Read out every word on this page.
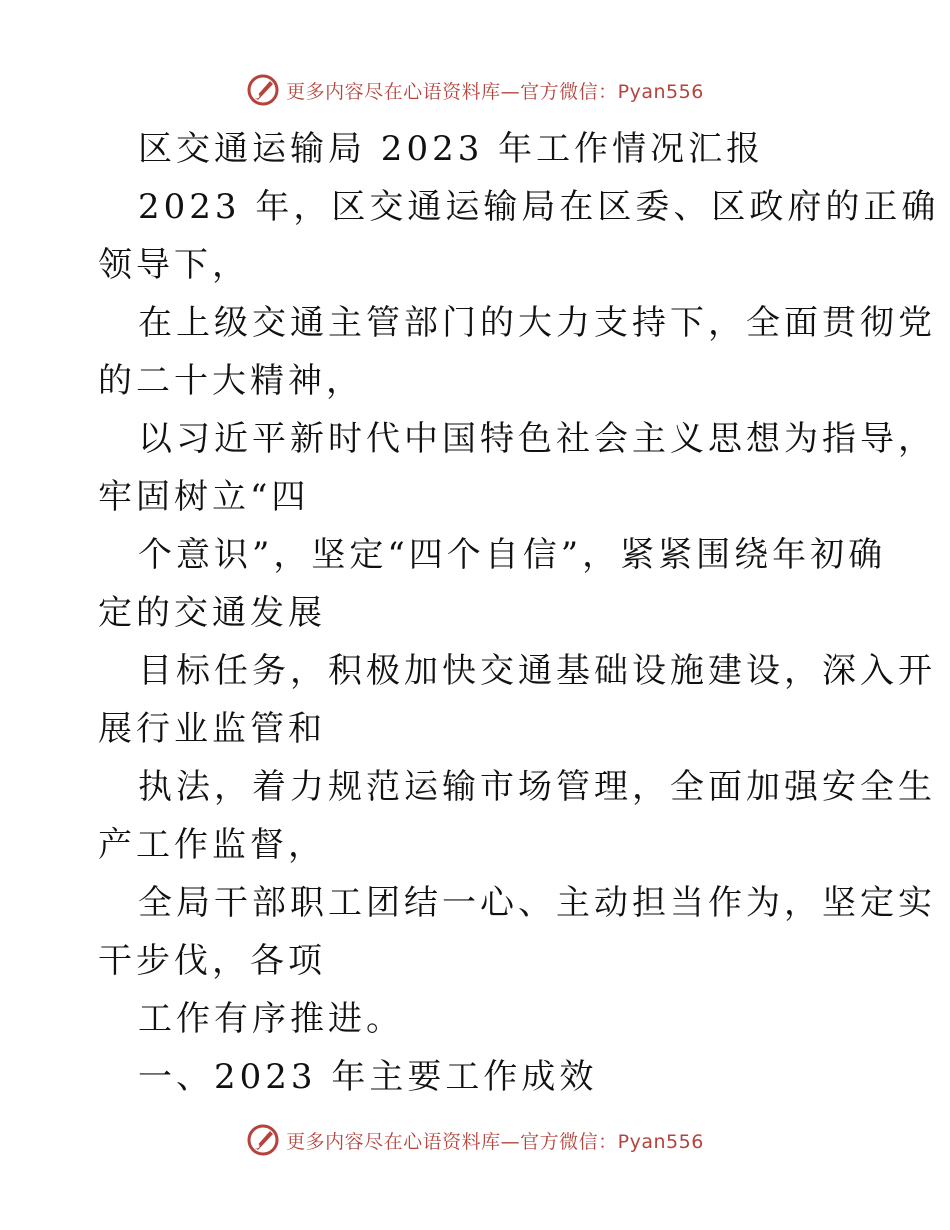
更多内容尽在心语资料库—官方微信：Pyan556
区交通运输局 2023 年工作情况汇报
2023 年，区交通运输局在区委、区政府的正确
领导下，
在上级交通主管部门的大力支持下，全面贯彻党
的二十大精神，
以习近平新时代中国特色社会主义思想为指导，
牢固树立“四
个意识”，坚定“四个自信”，紧紧围绕年初确
定的交通发展
目标任务，积极加快交通基础设施建设，深入开
展行业监管和
执法，着力规范运输市场管理，全面加强安全生
产工作监督，
全局干部职工团结一心、主动担当作为，坚定实
干步伐，各项
工作有序推进。
一、2023 年主要工作成效
更多内容尽在心语资料库—官方微信：Pyan556
